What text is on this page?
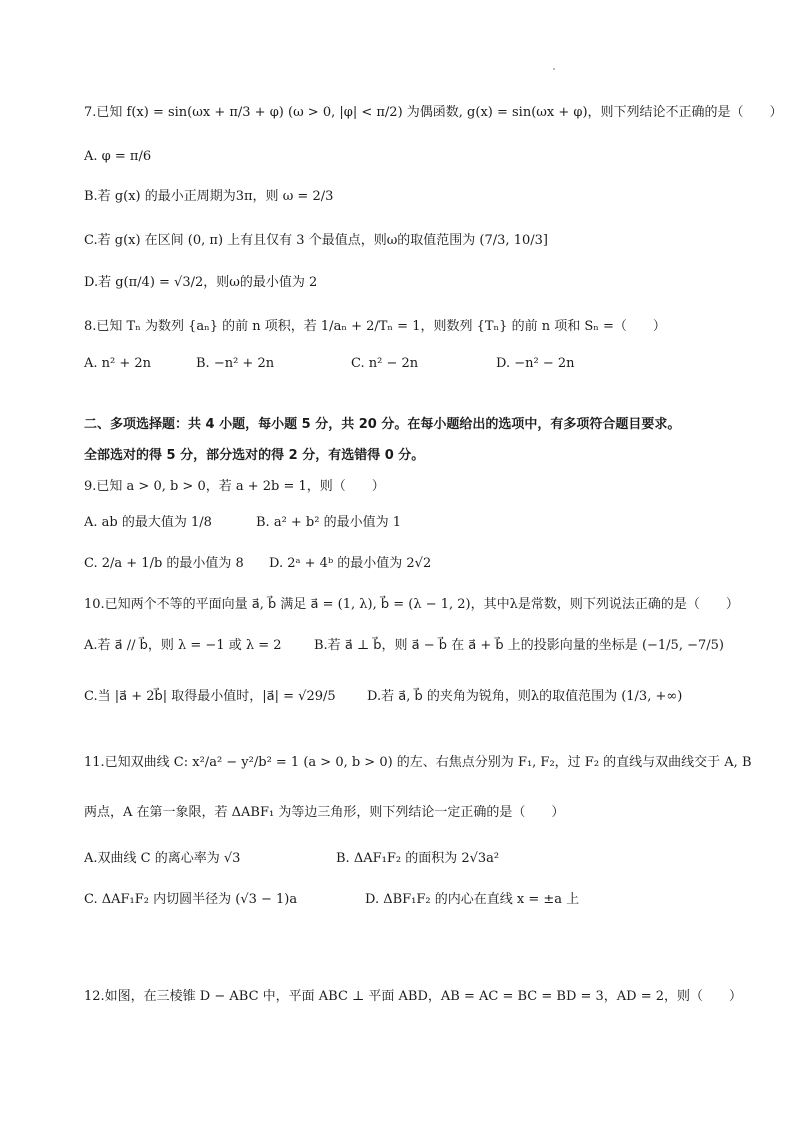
7.已知 f(x) = sin(ωx + π/3 + φ) (ω > 0, |φ| < π/2) 为偶函数, g(x) = sin(ωx + φ)，则下列结论不正确的是（　　）
A. φ = π/6
B.若 g(x) 的最小正周期为3π，则 ω = 2/3
C.若 g(x) 在区间 (0, π) 上有且仅有 3 个最值点，则ω的取值范围为 (7/3, 10/3]
D.若 g(π/4) = √3/2，则ω的最小值为 2
8.已知 Tₙ 为数列 {aₙ} 的前 n 项积，若 1/aₙ + 2/Tₙ = 1，则数列 {Tₙ} 的前 n 项和 Sₙ =（　　）
A. n² + 2n	B. −n² + 2n	C. n² − 2n	D. −n² − 2n
二、多项选择题：共 4 小题，每小题 5 分，共 20 分。在每小题给出的选项中，有多项符合题目要求。
全部选对的得 5 分，部分选对的得 2 分，有选错得 0 分。
9.已知 a > 0, b > 0，若 a + 2b = 1，则（　　）
A. ab 的最大值为 1/8	B. a² + b² 的最小值为 1
C. 2/a + 1/b 的最小值为 8 D. 2ᵃ + 4ᵇ 的最小值为 2√2
10.已知两个不等的平面向量 a⃗, b⃗ 满足 a⃗ = (1, λ), b⃗ = (λ − 1, 2)，其中λ是常数，则下列说法正确的是（　　）
A.若 a⃗ // b⃗，则 λ = −1 或 λ = 2 B.若 a⃗ ⊥ b⃗，则 a⃗ − b⃗ 在 a⃗ + b⃗ 上的投影向量的坐标是 (−1/5, −7/5)
C.当 |a⃗ + 2b⃗| 取得最小值时，|a⃗| = √29/5 D.若 a⃗, b⃗ 的夹角为锐角，则λ的取值范围为 (1/3, +∞)
11.已知双曲线 C: x²/a² − y²/b² = 1 (a > 0, b > 0) 的左、右焦点分别为 F₁, F₂，过 F₂ 的直线与双曲线交于 A, B
两点，A 在第一象限，若 ΔABF₁ 为等边三角形，则下列结论一定正确的是（　　）
A.双曲线 C 的离心率为 √3	B. ΔAF₁F₂ 的面积为 2√3a²
C. ΔAF₁F₂ 内切圆半径为 (√3 − 1)a	D. ΔBF₁F₂ 的内心在直线 x = ±a 上
12.如图，在三棱锥 D − ABC 中，平面 ABC ⊥ 平面 ABD，AB = AC = BC = BD = 3，AD = 2，则（　　）
